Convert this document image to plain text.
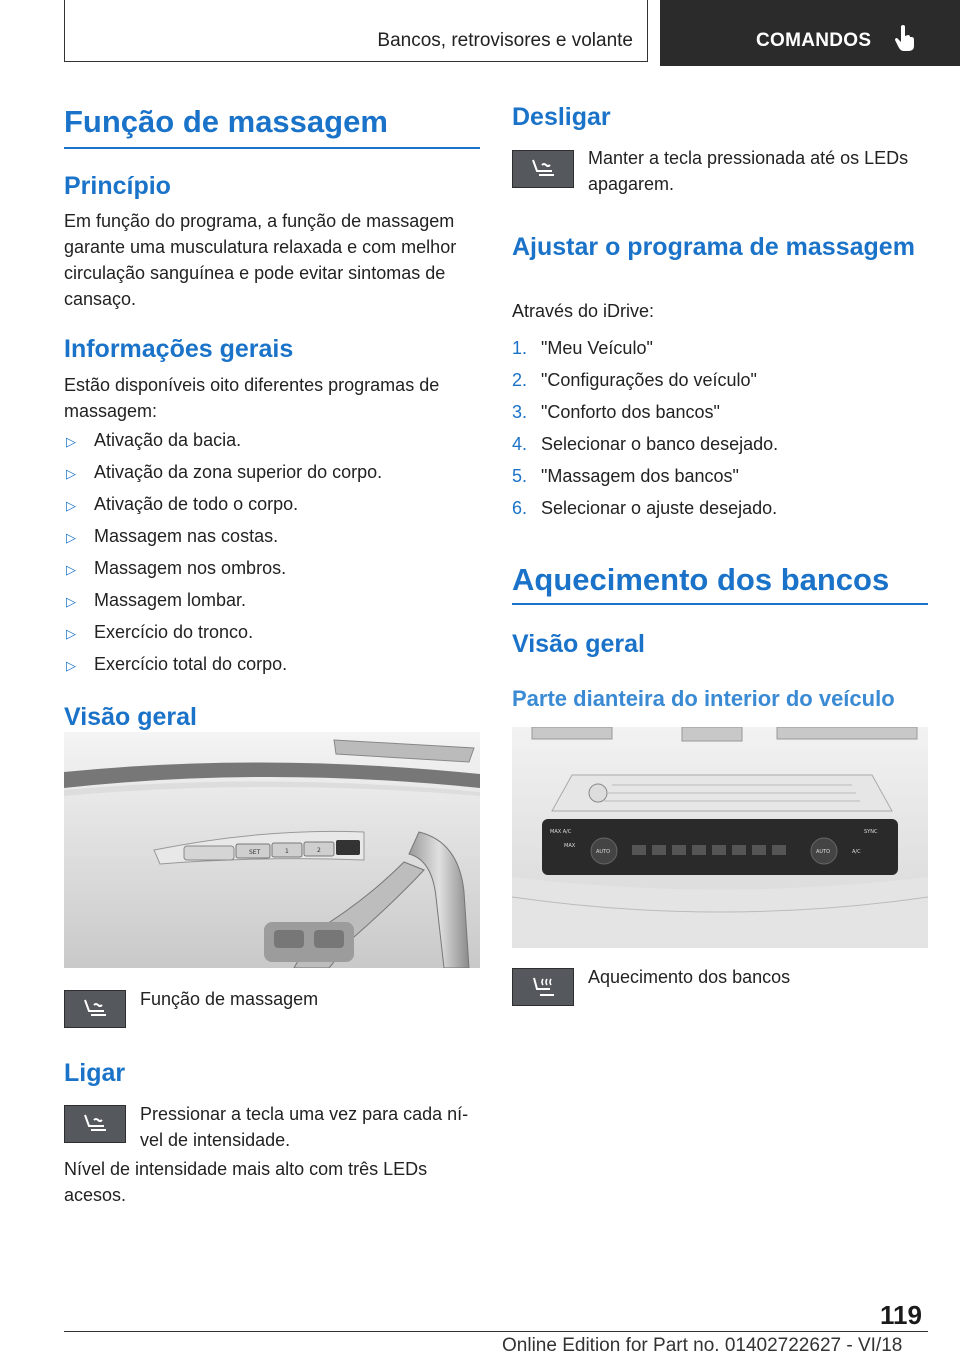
Bancos, retrovisores e volante	COMANDOS
Função de massagem
Princípio
Em função do programa, a função de massagem garante uma musculatura relaxada e com melhor circulação sanguínea e pode evitar sintomas de cansaço.
Informações gerais
Estão disponíveis oito diferentes programas de massagem:
▷ Ativação da bacia.
▷ Ativação da zona superior do corpo.
▷ Ativação de todo o corpo.
▷ Massagem nas costas.
▷ Massagem nos ombros.
▷ Massagem lombar.
▷ Exercício do tronco.
▷ Exercício total do corpo.
Visão geral
SET	1	2
Função de massagem
Ligar
Pressionar a tecla uma vez para cada ní-
vel de intensidade.
Nível de intensidade mais alto com três LEDs acesos.
Desligar
Manter a tecla pressionada até os LEDs apagarem.
Ajustar o programa de massagem
Através do iDrive:
1. "Meu Veículo"
2. "Configurações do veículo"
3. "Conforto dos bancos"
4. Selecionar o banco desejado.
5. "Massagem dos bancos"
6. Selecionar o ajuste desejado.
Aquecimento dos bancos
Visão geral
Parte dianteira do interior do veículo
MAX A/C
MAX
AUTO	AUTO	A/C
SYNC
Aquecimento dos bancos
119
Online Edition for Part no. 01402722627 - VI/18
